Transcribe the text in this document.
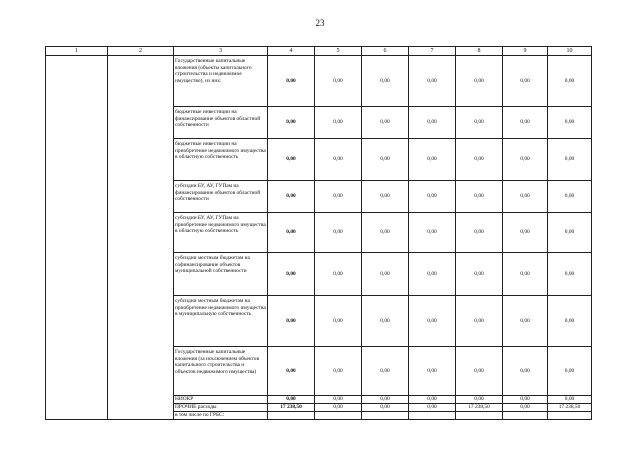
23
1	2	3	4	5	6	7	8	9	10
		Государственные капитальные вложения (объекты капитального строительства и недвижимое имущество), из них:	0,00	0,00	0,00	0,00	0,00	0,00	0,00
		бюджетные инвестиции на финансирование объектов областной собственности	0,00	0,00	0,00	0,00	0,00	0,00	0,00
		бюджетные инвестиции на приобретение недвижимого имущества в областную собственность	0,00	0,00	0,00	0,00	0,00	0,00	0,00
		субсидии БУ, АУ, ГУПам на финансирование объектов областной собственности	0,00	0,00	0,00	0,00	0,00	0,00	0,00
		субсидии БУ, АУ, ГУПам на приобретение недвижимого имущества в областную собственность	0,00	0,00	0,00	0,00	0,00	0,00	0,00
		субсидии местным бюджетам на софинансирование объектов муниципальной собственности	0,00	0,00	0,00	0,00	0,00	0,00	0,00
		субсидии местным бюджетам на приобретение недвижимого имущества в муниципальную собственность	0,00	0,00	0,00	0,00	0,00	0,00	0,00
		Государственные капитальные вложения (за исключением объектов капитального строительства и объектов недвижимого имущества)	0,00	0,00	0,00	0,00	0,00	0,00	0,00
		НИОКР	0,00	0,00	0,00	0,00	0,00	0,00	0,00
		ПРОЧИЕ расходы	17 238,50	0,00	0,00	0,00	17 238,50	0,00	17 238,50
		в том числе по ГРБС:							
